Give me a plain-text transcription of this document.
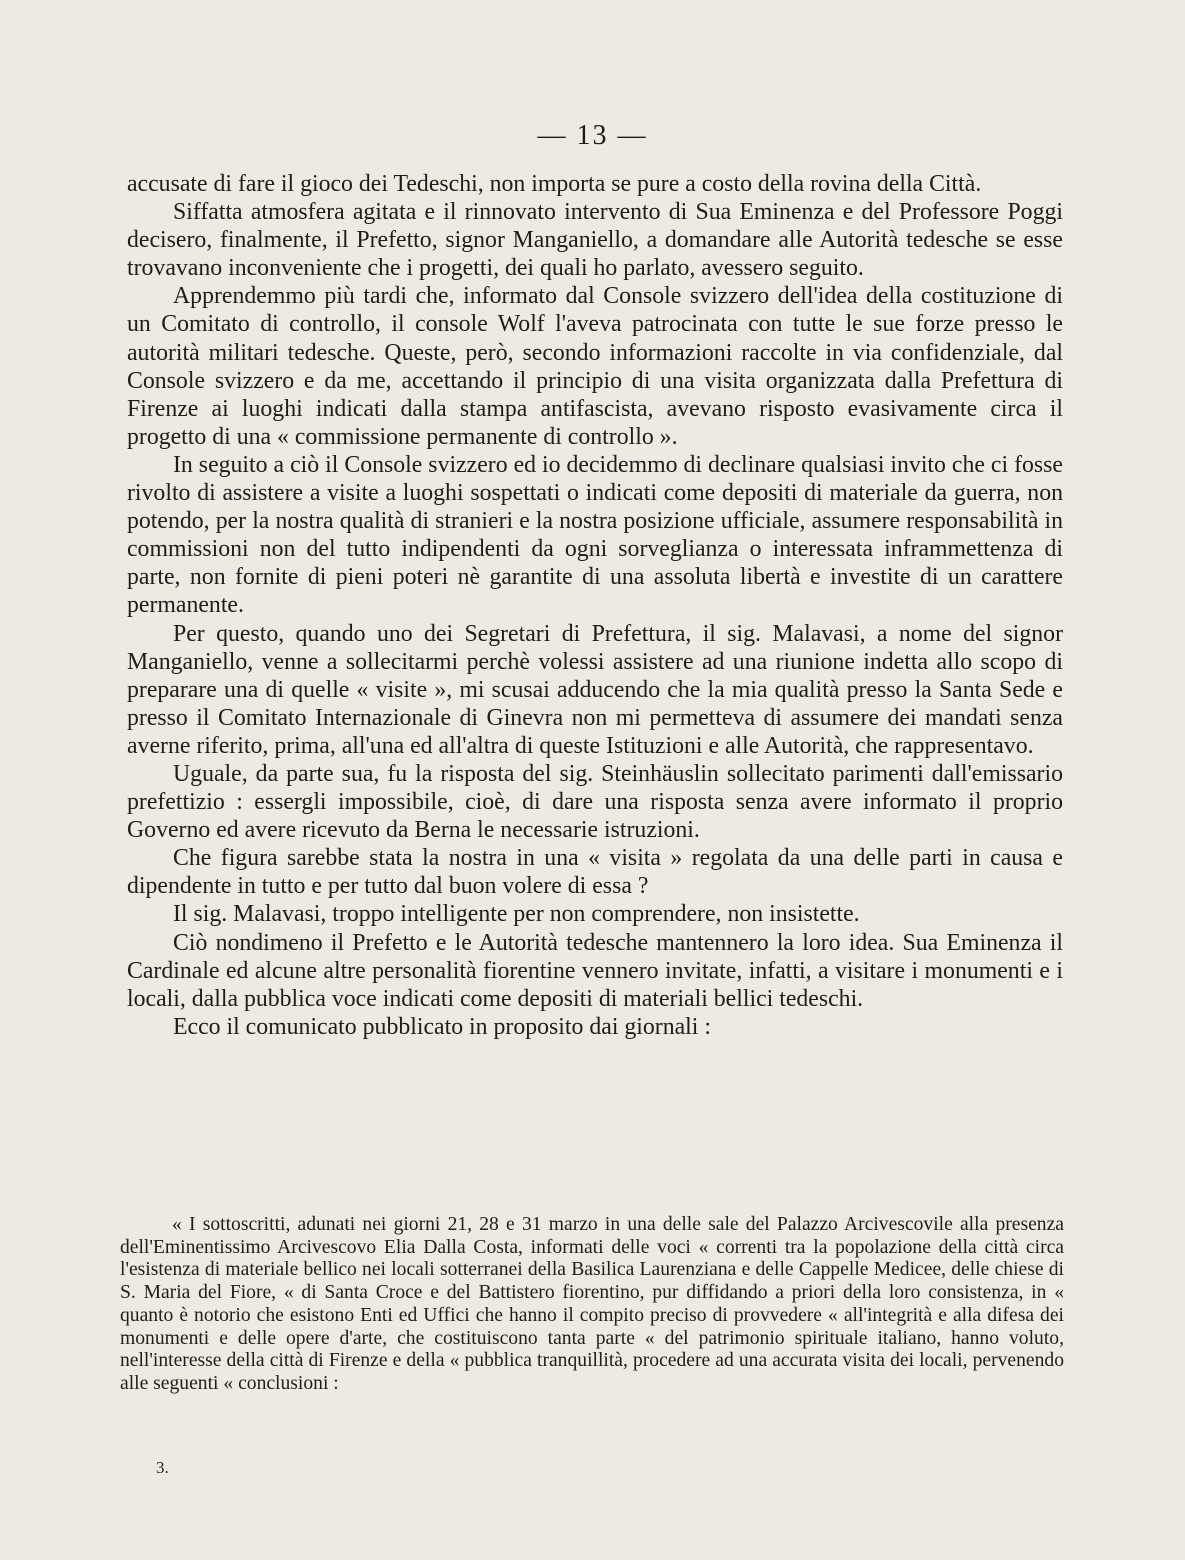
— 13 —

accusate di fare il gioco dei Tedeschi, non importa se pure a costo della rovina della Città.

Siffatta atmosfera agitata e il rinnovato intervento di Sua Eminenza e del Professore Poggi decisero, finalmente, il Prefetto, signor Manganiello, a domandare alle Autorità tedesche se esse trovavano inconveniente che i progetti, dei quali ho parlato, avessero seguito.

Apprendemmo più tardi che, informato dal Console svizzero dell'idea della costituzione di un Comitato di controllo, il console Wolf l'aveva patrocinata con tutte le sue forze presso le autorità militari tedesche. Queste, però, secondo informazioni raccolte in via confidenziale, dal Console svizzero e da me, accettando il principio di una visita organizzata dalla Prefettura di Firenze ai luoghi indicati dalla stampa antifascista, avevano risposto evasivamente circa il progetto di una « commissione permanente di controllo ».

In seguito a ciò il Console svizzero ed io decidemmo di declinare qualsiasi invito che ci fosse rivolto di assistere a visite a luoghi sospettati o indicati come depositi di materiale da guerra, non potendo, per la nostra qualità di stranieri e la nostra posizione ufficiale, assumere responsabilità in commissioni non del tutto indipendenti da ogni sorveglianza o interessata inframmettenza di parte, non fornite di pieni poteri nè garantite di una assoluta libertà e investite di un carattere permanente.

Per questo, quando uno dei Segretari di Prefettura, il sig. Malavasi, a nome del signor Manganiello, venne a sollecitarmi perchè volessi assistere ad una riunione indetta allo scopo di preparare una di quelle « visite », mi scusai adducendo che la mia qualità presso la Santa Sede e presso il Comitato Internazionale di Ginevra non mi permetteva di assumere dei mandati senza averne riferito, prima, all'una ed all'altra di queste Istituzioni e alle Autorità, che rappresentavo.

Uguale, da parte sua, fu la risposta del sig. Steinhäuslin sollecitato parimenti dall'emissario prefettizio : essergli impossibile, cioè, di dare una risposta senza avere informato il proprio Governo ed avere ricevuto da Berna le necessarie istruzioni.

Che figura sarebbe stata la nostra in una « visita » regolata da una delle parti in causa e dipendente in tutto e per tutto dal buon volere di essa ?

Il sig. Malavasi, troppo intelligente per non comprendere, non insistette.

Ciò nondimeno il Prefetto e le Autorità tedesche mantennero la loro idea. Sua Eminenza il Cardinale ed alcune altre personalità fiorentine vennero invitate, infatti, a visitare i monumenti e i locali, dalla pubblica voce indicati come depositi di materiali bellici tedeschi.

Ecco il comunicato pubblicato in proposito dai giornali :

« I sottoscritti, adunati nei giorni 21, 28 e 31 marzo in una delle sale del Palazzo Arcivescovile alla presenza dell'Eminentissimo Arcivescovo Elia Dalla Costa, informati delle voci « correnti tra la popolazione della città circa l'esistenza di materiale bellico nei locali sotterranei della Basilica Laurenziana e delle Cappelle Medicee, delle chiese di S. Maria del Fiore, « di Santa Croce e del Battistero fiorentino, pur diffidando a priori della loro consistenza, in « quanto è notorio che esistono Enti ed Uffici che hanno il compito preciso di provvedere « all'integrità e alla difesa dei monumenti e delle opere d'arte, che costituiscono tanta parte « del patrimonio spirituale italiano, hanno voluto, nell'interesse della città di Firenze e della « pubblica tranquillità, procedere ad una accurata visita dei locali, pervenendo alle seguenti « conclusioni :

3.
